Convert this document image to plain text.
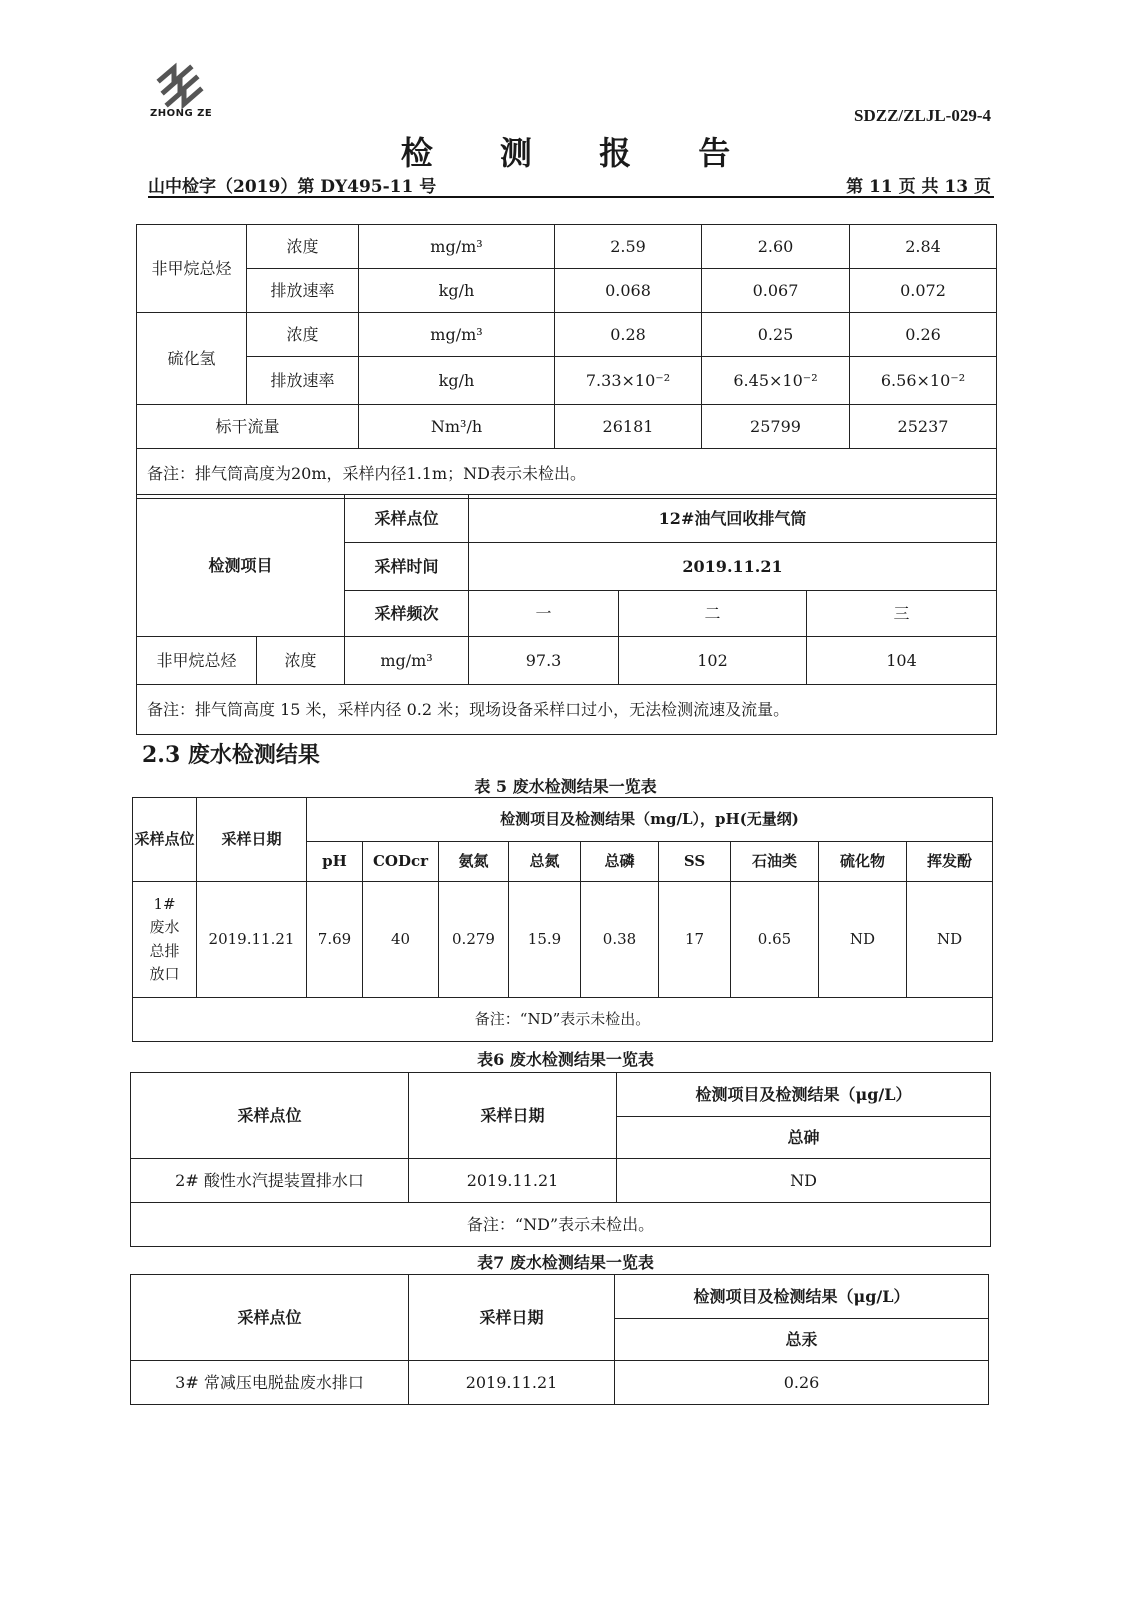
ZHONG ZE	SDZZ/ZLJL-029-4
检 测 报 告
山中检字（2019）第 DY495-11 号	第 11 页 共 13 页
非甲烷总烃	浓度	mg/m³	2.59	2.60	2.84
	排放速率	kg/h	0.068	0.067	0.072
硫化氢	浓度	mg/m³	0.28	0.25	0.26
	排放速率	kg/h	7.33×10⁻²	6.45×10⁻²	6.56×10⁻²
标干流量		Nm³/h	26181	25799	25237
备注：排气筒高度为20m，采样内径1.1m；ND表示未检出。					
检测项目		采样点位	12#油气回收排气筒		
		采样时间	2019.11.21		
		采样频次	一	二	三
非甲烷总烃	浓度	mg/m³	97.3	102	104
备注：排气筒高度 15 米，采样内径 0.2 米；现场设备采样口过小，无法检测流速及流量。					
2.3 废水检测结果
表 5 废水检测结果一览表
采样点位	采样日期	检测项目及检测结果（mg/L），pH(无量纲)								
		pH	CODcr	氨氮	总氮	总磷	SS	石油类	硫化物	挥发酚
1#废水总排放口	2019.11.21	7.69	40	0.279	15.9	0.38	17	0.65	ND	ND
备注：“ND”表示未检出。										
表6 废水检测结果一览表
采样点位	采样日期	检测项目及检测结果（μg/L）
		总砷
2# 酸性水汽提装置排水口	2019.11.21	ND
备注：“ND”表示未检出。		
表7 废水检测结果一览表
采样点位	采样日期	检测项目及检测结果（μg/L）
		总汞
3# 常减压电脱盐废水排口	2019.11.21	0.26
